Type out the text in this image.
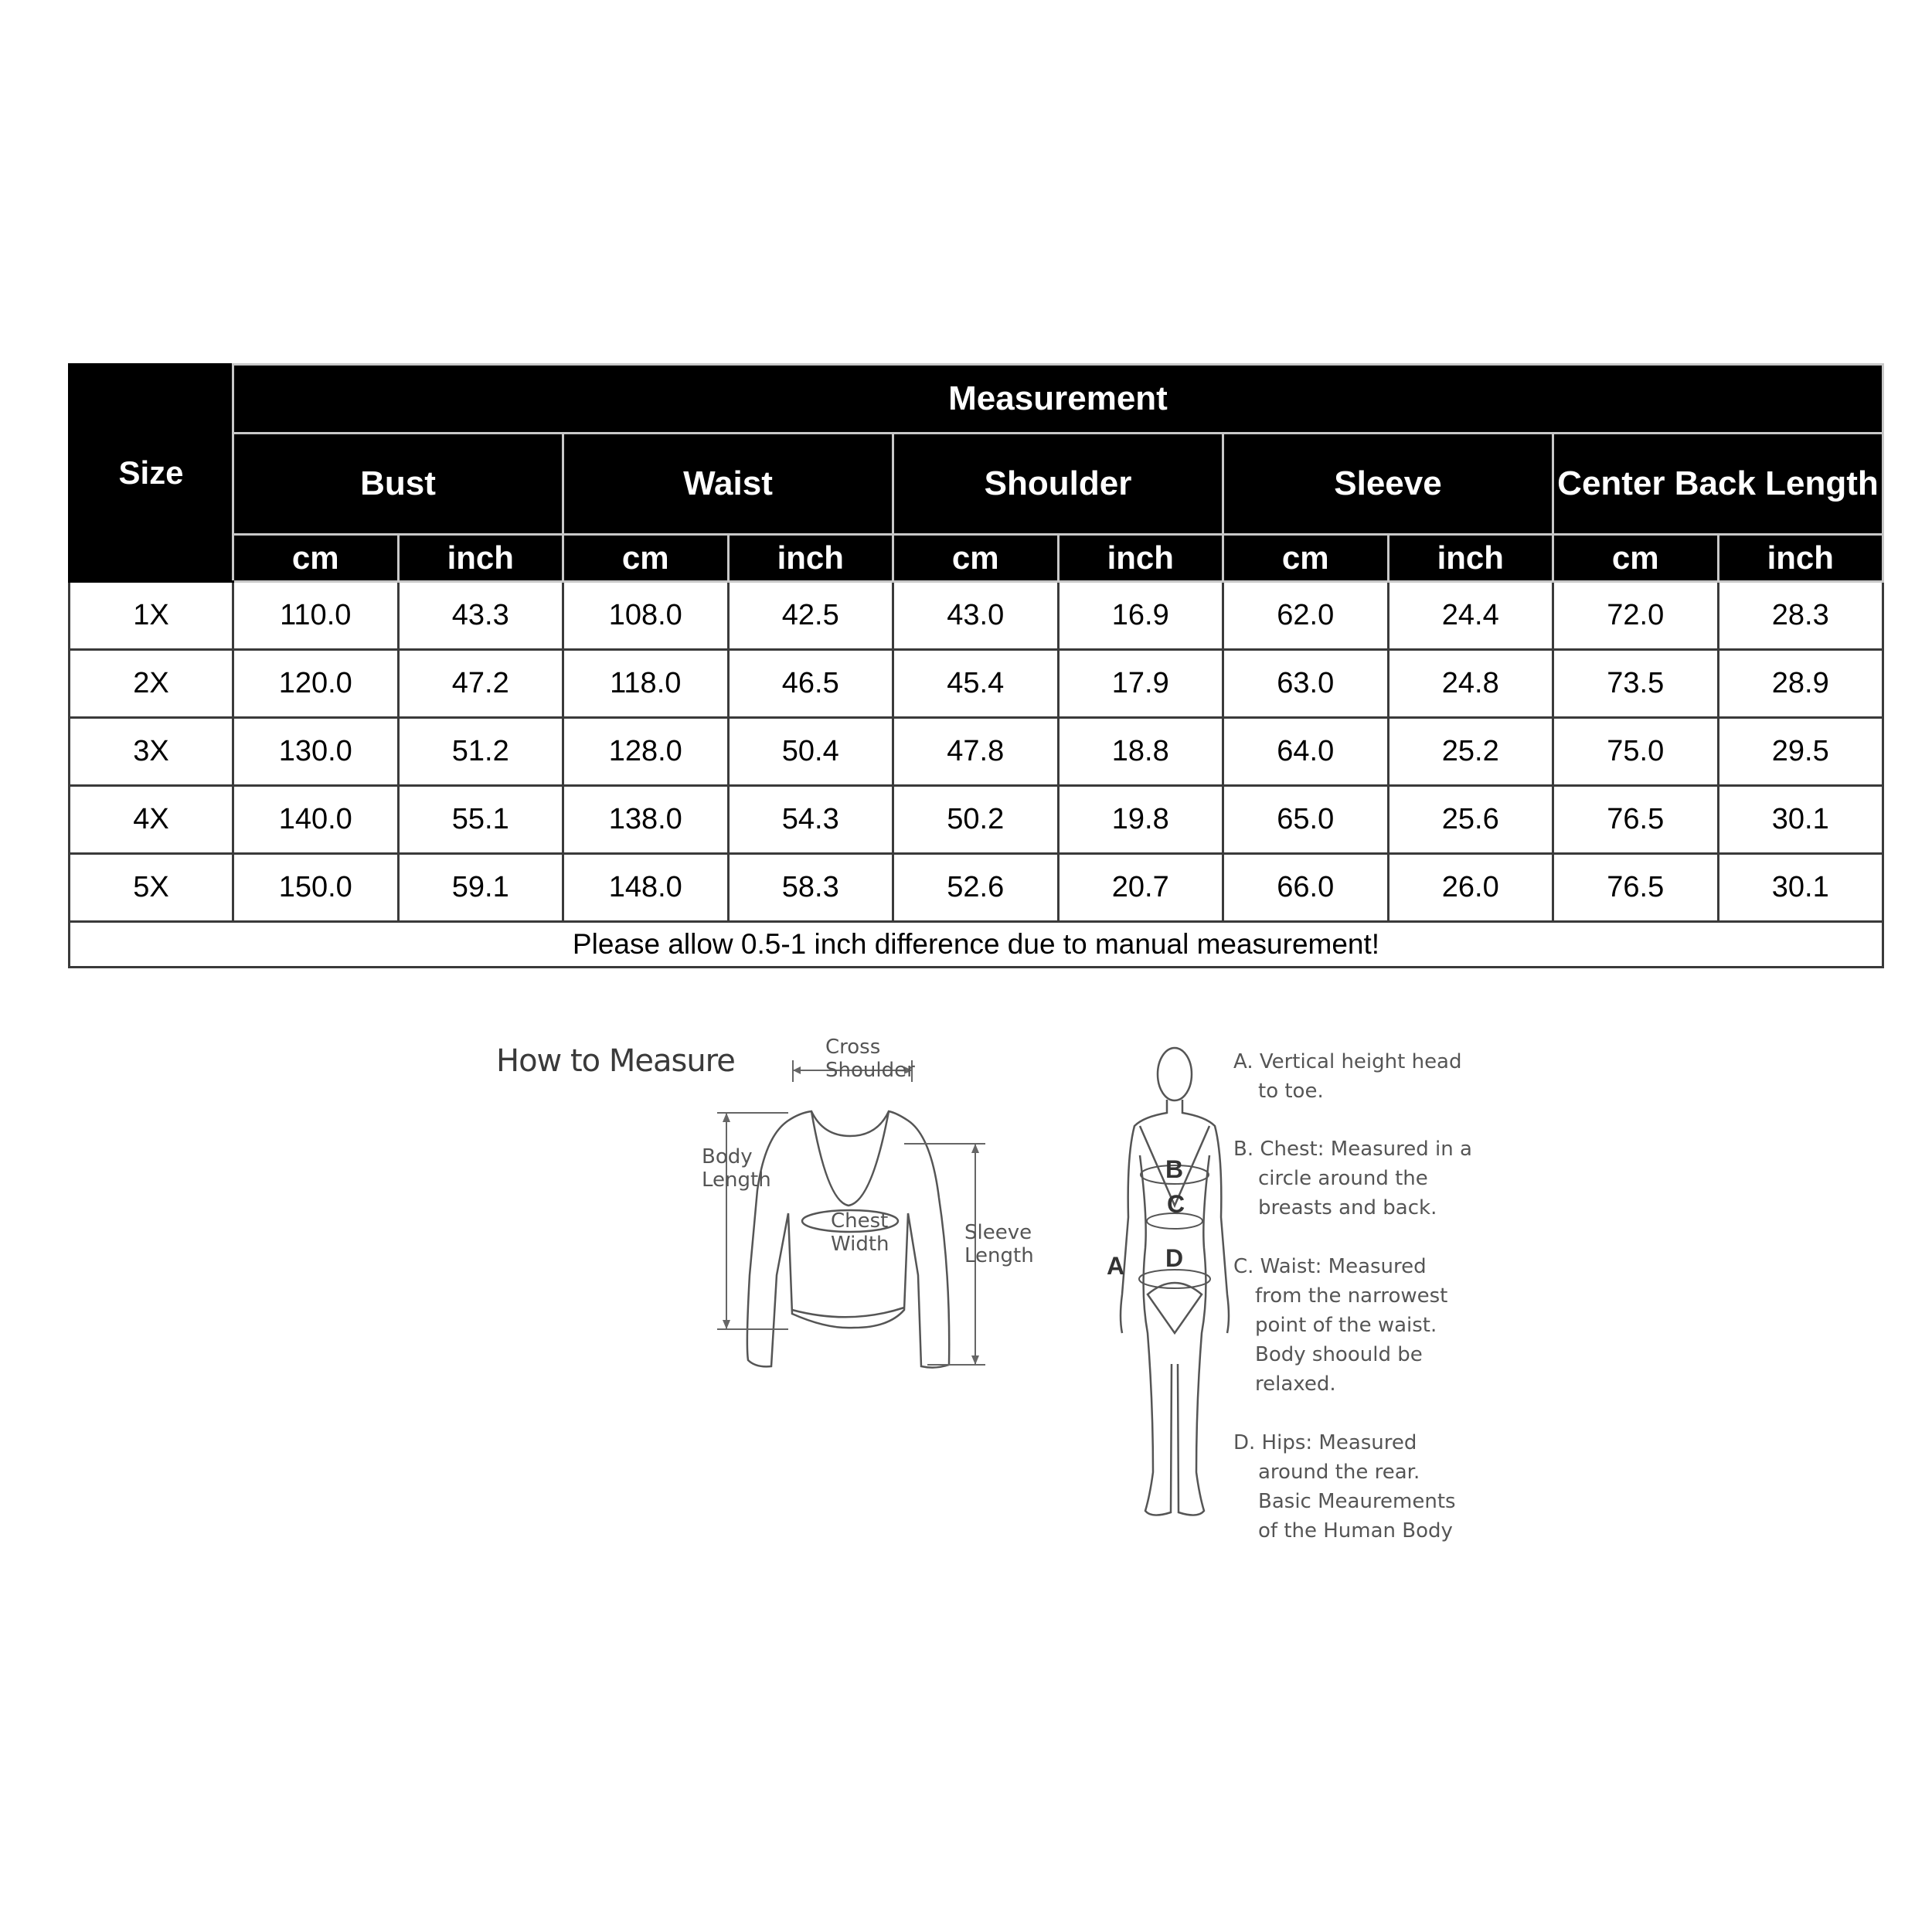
Size	Measurement									
	Bust		Waist		Shoulder		Sleeve		Center Back Length	
	cm	inch	cm	inch	cm	inch	cm	inch	cm	inch
1X	110.0	43.3	108.0	42.5	43.0	16.9	62.0	24.4	72.0	28.3
2X	120.0	47.2	118.0	46.5	45.4	17.9	63.0	24.8	73.5	28.9
3X	130.0	51.2	128.0	50.4	47.8	18.8	64.0	25.2	75.0	29.5
4X	140.0	55.1	138.0	54.3	50.2	19.8	65.0	25.6	76.5	30.1
5X	150.0	59.1	148.0	58.3	52.6	20.7	66.0	26.0	76.5	30.1
Please allow 0.5-1 inch difference due to manual measurement!										
How to Measure	Cross
Shoulder
Body
Length
Chest
Width	Sleeve
Length	A
B
C
D
A. Vertical height head
to toe.
B. Chest: Measured in a
circle around the
breasts and back.
C. Waist: Measured
from the narrowest
point of the waist.
Body shoould be
relaxed.
D. Hips: Measured
around the rear.
Basic Meaurements
of the Human Body
